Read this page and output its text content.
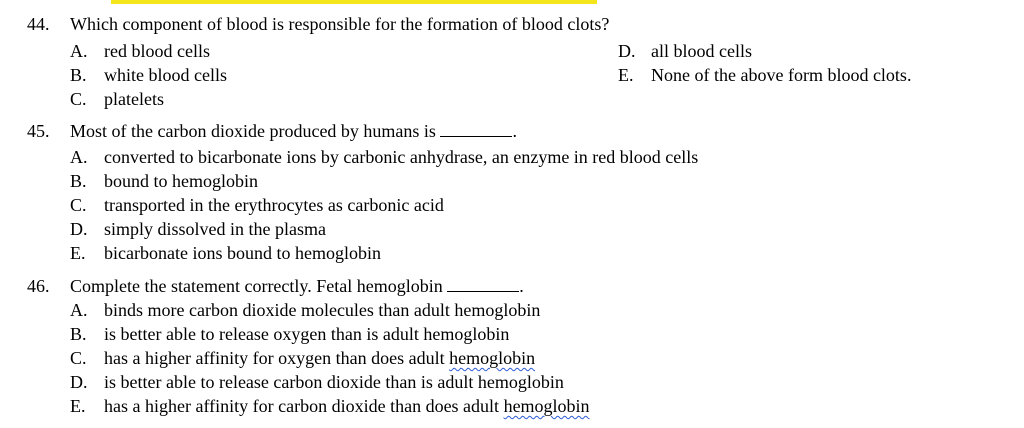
44. Which component of blood is responsible for the formation of blood clots?
A. red blood cells	D. all blood cells
B. white blood cells	E. None of the above form blood clots.
C. platelets
45. Most of the carbon dioxide produced by humans is	.
A. converted to bicarbonate ions by carbonic anhydrase, an enzyme in red blood cells
B. bound to hemoglobin
C. transported in the erythrocytes as carbonic acid
D. simply dissolved in the plasma
E. bicarbonate ions bound to hemoglobin
46. Complete the statement correctly. Fetal hemoglobin	.
A. binds more carbon dioxide molecules than adult hemoglobin
B. is better able to release oxygen than is adult hemoglobin
C. has a higher affinity for oxygen than does adult hemoglobin
D. is better able to release carbon dioxide than is adult hemoglobin
E. has a higher affinity for carbon dioxide than does adult hemoglobin
